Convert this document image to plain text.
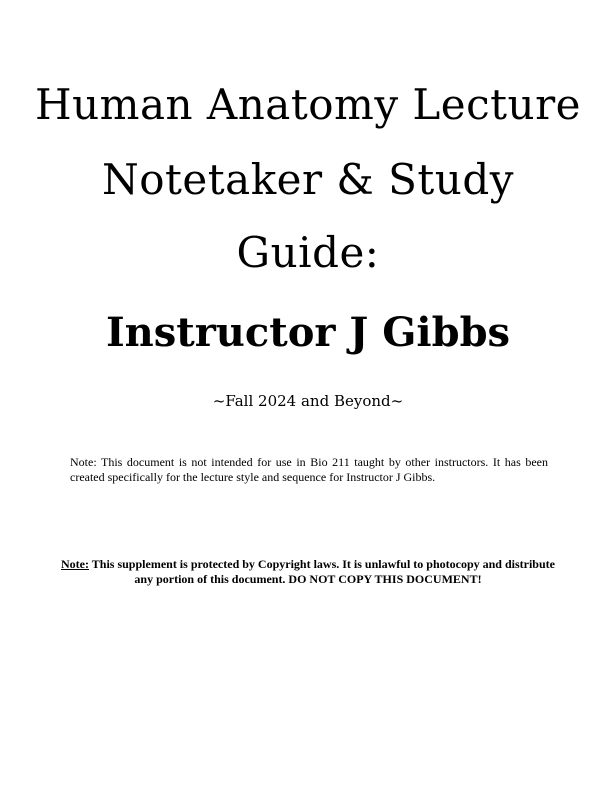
Human Anatomy Lecture
Notetaker & Study
Guide:
Instructor J Gibbs
~Fall 2024 and Beyond~
Note: This document is not intended for use in Bio 211 taught by other instructors. It has been created specifically for the lecture style and sequence for Instructor J Gibbs.
Note: This supplement is protected by Copyright laws. It is unlawful to photocopy and distribute any portion of this document. DO NOT COPY THIS DOCUMENT!
